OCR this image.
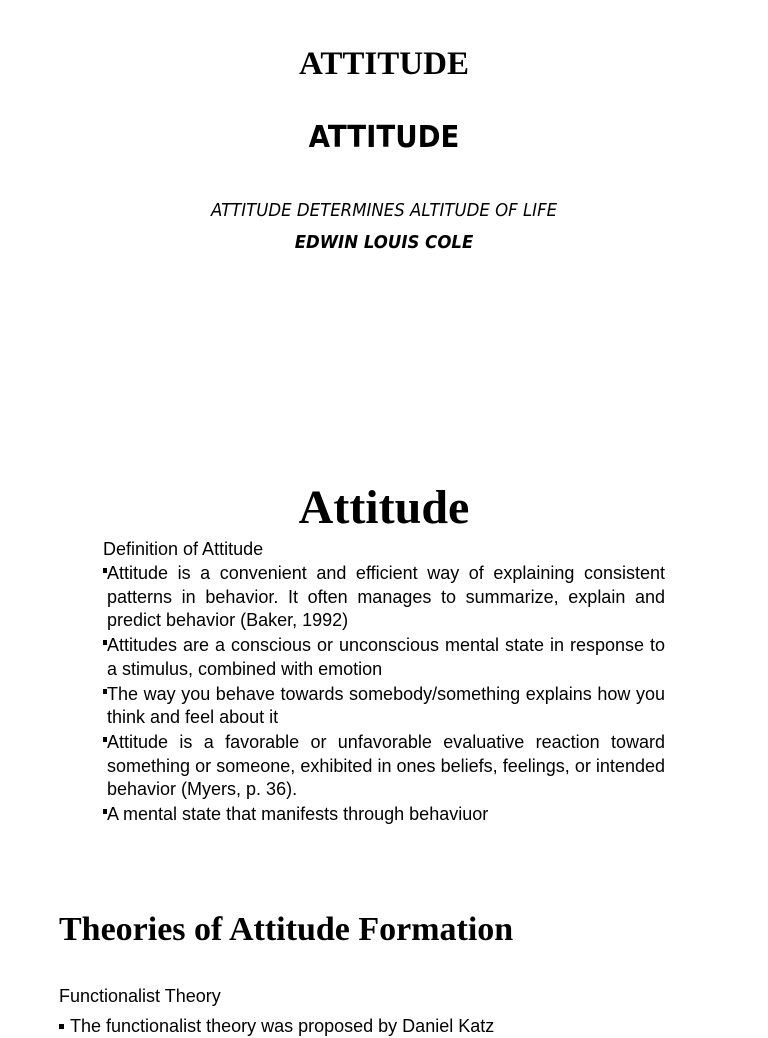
ATTITUDE
ATTITUDE

ATTITUDE DETERMINES ALTITUDE OF LIFE

EDWIN LOUIS COLE

Attitude

Definition of Attitude

Attitude is a convenient and efficient way of explaining consistent patterns in behavior. It often manages to summarize, explain and predict behavior (Baker, 1992)
Attitudes are a conscious or unconscious mental state in response to a stimulus, combined with emotion
The way you behave towards somebody/something explains how you think and feel about it
Attitude is a favorable or unfavorable evaluative reaction toward something or someone, exhibited in ones beliefs, feelings, or intended behavior (Myers, p. 36).
A mental state that manifests through behaviuor
Theories of Attitude Formation

Functionalist Theory

The functionalist theory was proposed by Daniel Katz
